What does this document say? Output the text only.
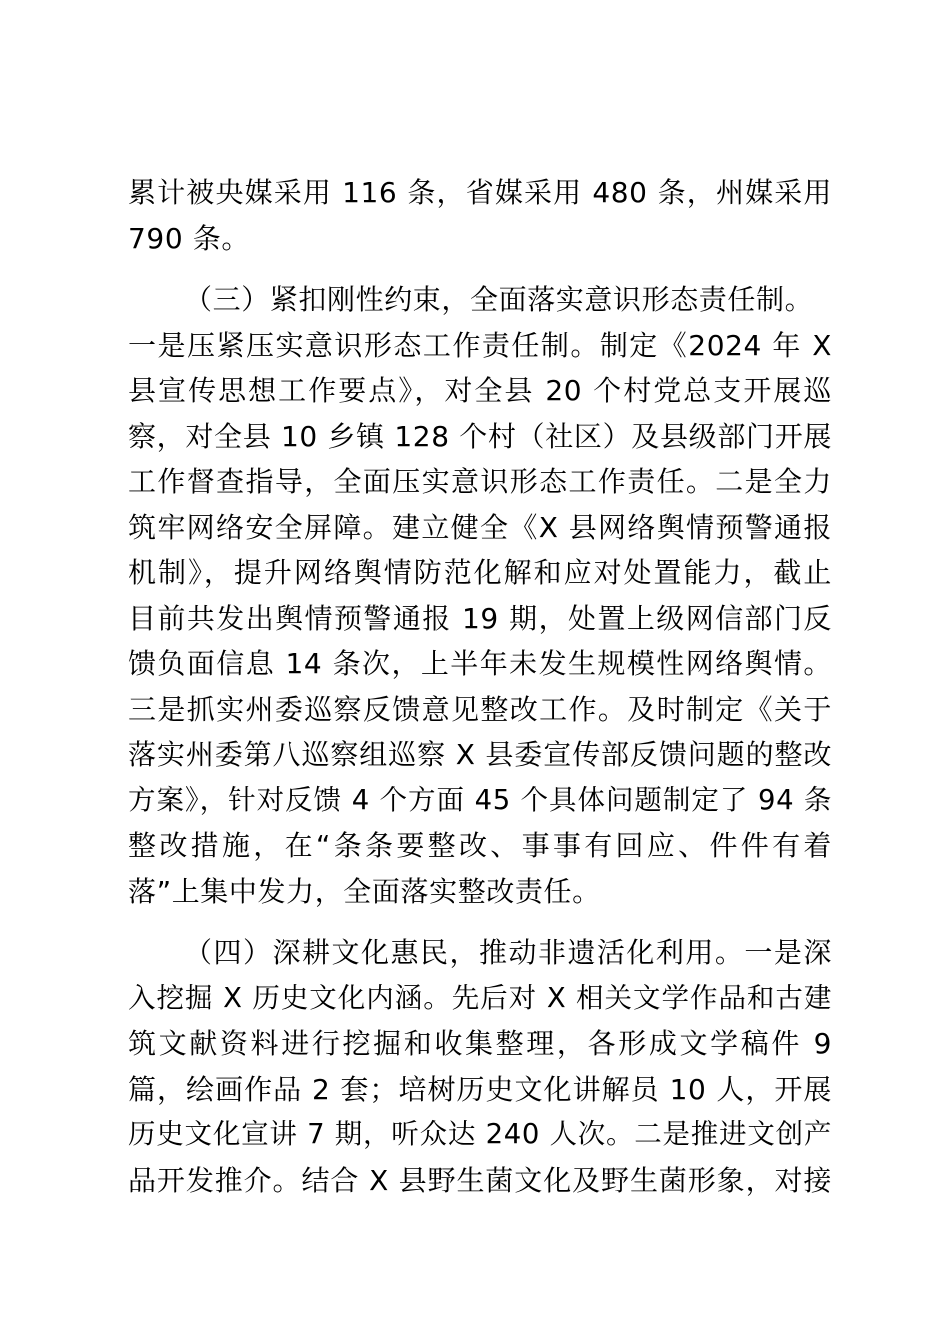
累计被央媒采用 116 条，省媒采用 480 条，州媒采用
790 条。
（三）紧扣刚性约束，全面落实意识形态责任制。
一是压紧压实意识形态工作责任制。制定《2024 年 X
县宣传思想工作要点》，对全县 20 个村党总支开展巡
察，对全县 10 乡镇 128 个村（社区）及县级部门开展
工作督查指导，全面压实意识形态工作责任。二是全力
筑牢网络安全屏障。建立健全《X 县网络舆情预警通报
机制》，提升网络舆情防范化解和应对处置能力，截止
目前共发出舆情预警通报 19 期，处置上级网信部门反
馈负面信息 14 条次，上半年未发生规模性网络舆情。
三是抓实州委巡察反馈意见整改工作。及时制定《关于
落实州委第八巡察组巡察 X 县委宣传部反馈问题的整改
方案》，针对反馈 4 个方面 45 个具体问题制定了 94 条
整改措施，在“条条要整改、事事有回应、件件有着
落”上集中发力，全面落实整改责任。
（四）深耕文化惠民，推动非遗活化利用。一是深
入挖掘 X 历史文化内涵。先后对 X 相关文学作品和古建
筑文献资料进行挖掘和收集整理，各形成文学稿件 9
篇，绘画作品 2 套；培树历史文化讲解员 10 人，开展
历史文化宣讲 7 期，听众达 240 人次。二是推进文创产
品开发推介。结合 X 县野生菌文化及野生菌形象，对接
